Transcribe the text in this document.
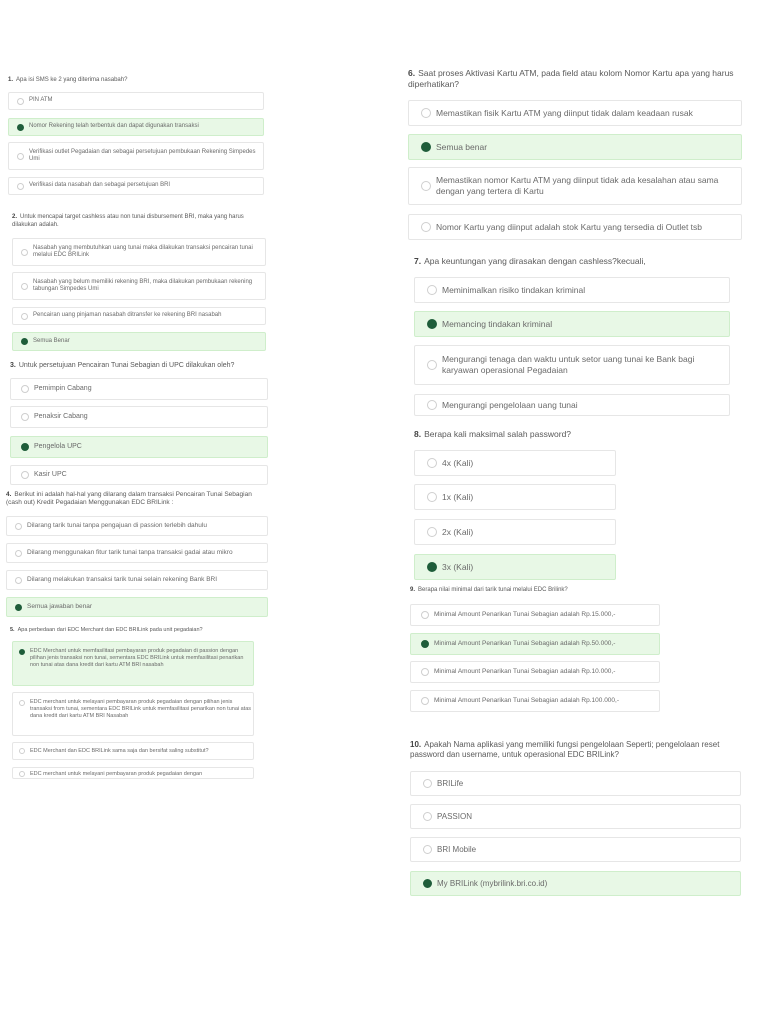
1. Apa isi SMS ke 2 yang diterima nasabah?
PIN ATM
Nomor Rekening telah terbentuk dan dapat digunakan transaksi
Verifikasi outlet Pegadaian dan sebagai persetujuan pembukaan Rekening Simpedes Umi
Verifikasi data nasabah dan sebagai persetujuan BRI
2. Untuk mencapai target cashless atau non tunai disbursement BRI, maka yang harus dilakukan adalah.
Nasabah yang membutuhkan uang tunai maka dilakukan transaksi pencairan tunai melalui EDC BRILink
Nasabah yang belum memiliki rekening BRI, maka dilakukan pembukaan rekening tabungan Simpedes Umi
Pencairan uang pinjaman nasabah ditransfer ke rekening BRI nasabah
Semua Benar
3. Untuk persetujuan Pencairan Tunai Sebagian di UPC dilakukan oleh?
Pemimpin Cabang
Penaksir Cabang
Pengelola UPC
Kasir UPC
4. Berikut ini adalah hal-hal yang dilarang dalam transaksi Pencairan Tunai Sebagian (cash out) Kredit Pegadaian Menggunakan EDC BRILink :
Dilarang tarik tunai tanpa pengajuan di passion terlebih dahulu
Dilarang menggunakan fitur tarik tunai tanpa transaksi gadai atau mikro
Dilarang melakukan transaksi tarik tunai selain rekening Bank BRI
Semua jawaban benar
5. Apa perbedaan dari EDC Merchant dan EDC BRILink pada unit pegadaian?
EDC Merchant untuk memfasilitasi pembayaran produk pegadaian di passion dengan pilihan jenis transaksi non tunai, sementara EDC BRILink untuk memfasilitasi penarikan non tunai atas dana kredit dari kartu ATM BRI nasabah
EDC merchant untuk melayani pembayaran produk pegadaian dengan pilihan jenis transaksi from tunai, sementara EDC BRILink untuk memfasilitasi penarikan non tunai atas dana kredit dari kartu ATM BRI Nasabah
EDC Merchant dan EDC BRILink sama saja dan bersifat saling substitut?
EDC merchant untuk melayani pembayaran produk pegadaian dengan
6. Saat proses Aktivasi Kartu ATM, pada field atau kolom Nomor Kartu apa yang harus diperhatikan?
Memastikan fisik Kartu ATM yang diinput tidak dalam keadaan rusak
Semua benar
Memastikan nomor Kartu ATM yang diinput tidak ada kesalahan atau sama dengan yang tertera di Kartu
Nomor Kartu yang diinput adalah stok Kartu yang tersedia di Outlet tsb
7. Apa keuntungan yang dirasakan dengan cashless?kecuali,
Meminimalkan risiko tindakan kriminal
Memancing tindakan kriminal
Mengurangi tenaga dan waktu untuk setor uang tunai ke Bank bagi karyawan operasional Pegadaian
Mengurangi pengelolaan uang tunai
8. Berapa kali maksimal salah password?
4x (Kali)
1x (Kali)
2x (Kali)
3x (Kali)
9. Berapa nilai minimal dari tarik tunai melalui EDC Brilink?
Minimal Amount Penarikan Tunai Sebagian adalah Rp.15.000,-
Minimal Amount Penarikan Tunai Sebagian adalah Rp.50.000,-
Minimal Amount Penarikan Tunai Sebagian adalah Rp.10.000,-
Minimal Amount Penarikan Tunai Sebagian adalah Rp.100.000,-
10. Apakah Nama aplikasi yang memiliki fungsi pengelolaan Seperti; pengelolaan reset password dan username, untuk operasional EDC BRILink?
BRILife
PASSION
BRI Mobile
My BRILink (mybrilink.bri.co.id)
